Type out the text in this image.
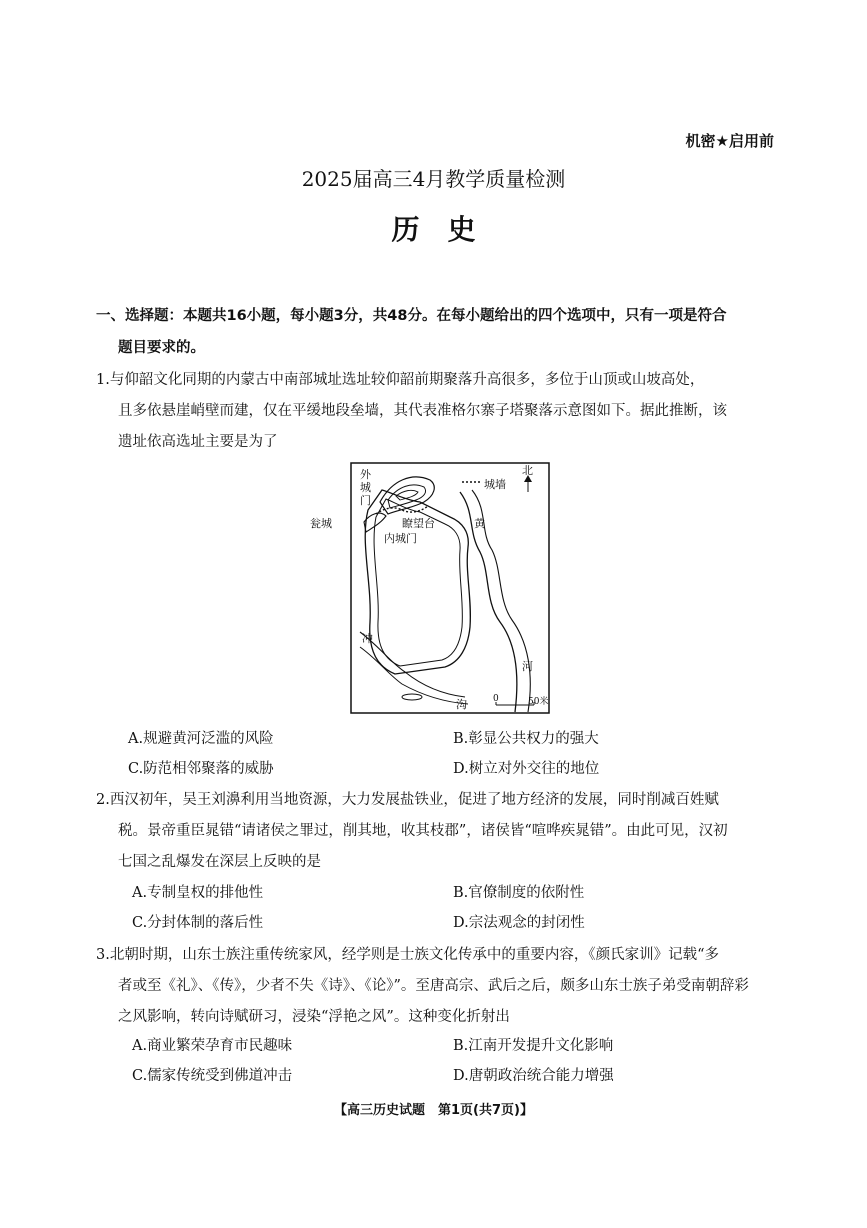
机密★启用前
2025届高三4月教学质量检测
历史
一、选择题：本题共16小题，每小题3分，共48分。在每小题给出的四个选项中，只有一项是符合
题目要求的。
1.与仰韶文化同期的内蒙古中南部城址选址较仰韶前期聚落升高很多，多位于山顶或山坡高处，
且多依悬崖峭壁而建，仅在平缓地段垒墙，其代表准格尔寨子塔聚落示意图如下。据此推断，该
遗址依高选址主要是为了
外
城
门
城墙
北
瞭望台	黄
瓮城
内城门
冲
河
沟	0	50米
A.规避黄河泛滥的风险	B.彰显公共权力的强大
C.防范相邻聚落的威胁	D.树立对外交往的地位
2.西汉初年，吴王刘濞利用当地资源，大力发展盐铁业，促进了地方经济的发展，同时削减百姓赋
税。景帝重臣晁错“请诸侯之罪过，削其地，收其枝郡”，诸侯皆“喧哗疾晁错”。由此可见，汉初
七国之乱爆发在深层上反映的是
A.专制皇权的排他性	B.官僚制度的依附性
C.分封体制的落后性	D.宗法观念的封闭性
3.北朝时期，山东士族注重传统家风，经学则是士族文化传承中的重要内容，《颜氏家训》记载“多
者或至《礼》、《传》，少者不失《诗》、《论》”。至唐高宗、武后之后，颇多山东士族子弟受南朝辞彩
之风影响，转向诗赋研习，浸染“浮艳之风”。这种变化折射出
A.商业繁荣孕育市民趣味	B.江南开发提升文化影响
C.儒家传统受到佛道冲击	D.唐朝政治统合能力增强
【高三历史试题　第1页(共7页)】
